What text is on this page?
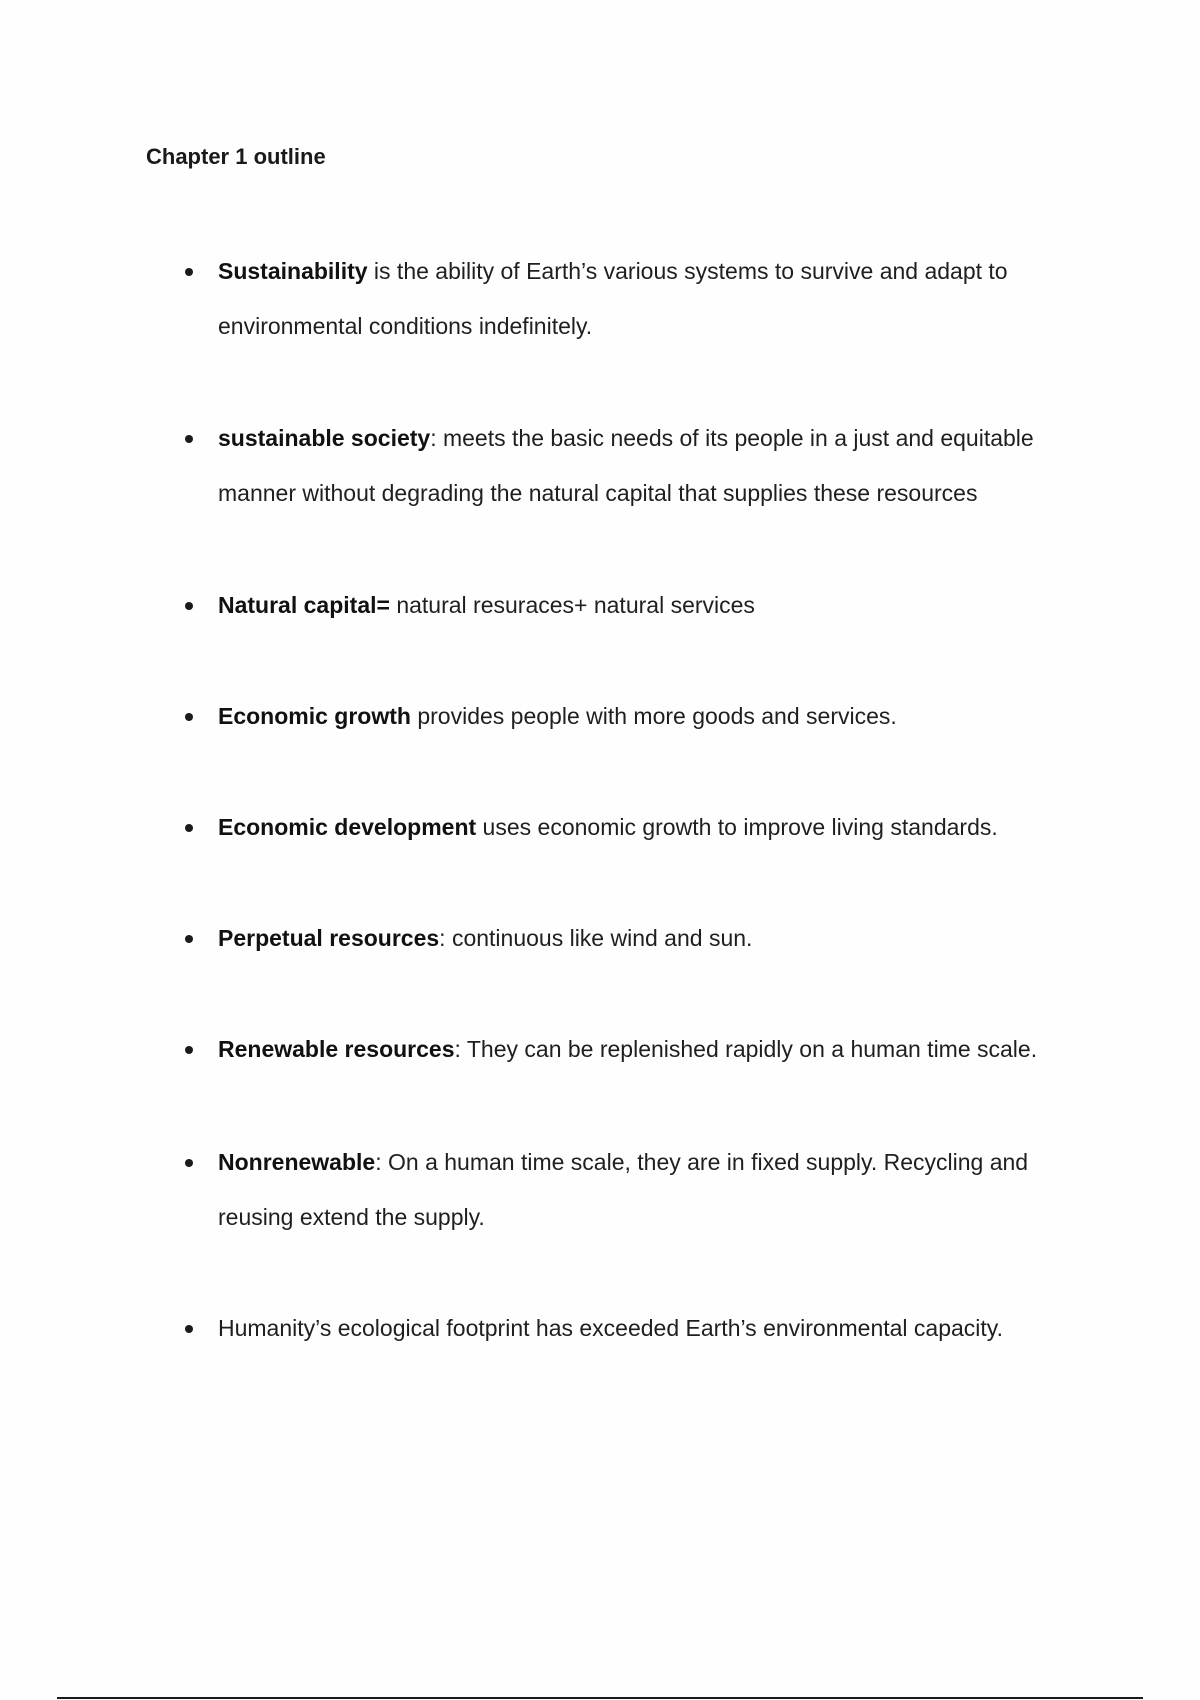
Chapter 1 outline
Sustainability is the ability of Earth’s various systems to survive and adapt to environmental conditions indefinitely.
sustainable society: meets the basic needs of its people in a just and equitable manner without degrading the natural capital that supplies these resources
Natural capital= natural resuraces+ natural services
Economic growth provides people with more goods and services.
Economic development uses economic growth to improve living standards.
Perpetual resources: continuous like wind and sun.
Renewable resources: They can be replenished rapidly on a human time scale.
Nonrenewable: On a human time scale, they are in fixed supply. Recycling and reusing extend the supply.
Humanity’s ecological footprint has exceeded Earth’s environmental capacity.
